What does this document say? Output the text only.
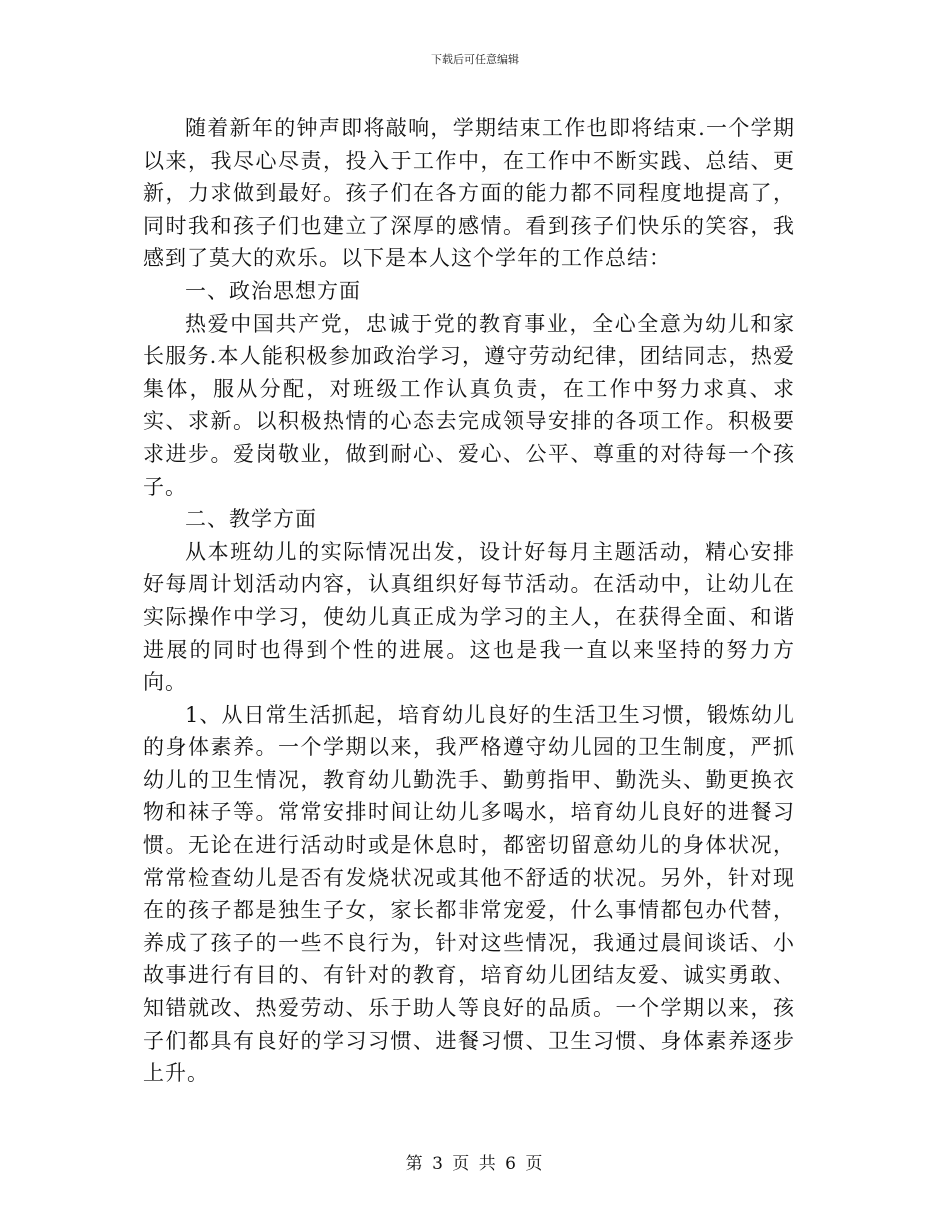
下载后可任意编辑

随着新年的钟声即将敲响，学期结束工作也即将结束.一个学期以来，我尽心尽责，投入于工作中，在工作中不断实践、总结、更新，力求做到最好。孩子们在各方面的能力都不同程度地提高了，同时我和孩子们也建立了深厚的感情。看到孩子们快乐的笑容，我感到了莫大的欢乐。以下是本人这个学年的工作总结：

一、政治思想方面

热爱中国共产党，忠诚于党的教育事业，全心全意为幼儿和家长服务.本人能积极参加政治学习，遵守劳动纪律，团结同志，热爱集体，服从分配，对班级工作认真负责，在工作中努力求真、求实、求新。以积极热情的心态去完成领导安排的各项工作。积极要求进步。爱岗敬业，做到耐心、爱心、公平、尊重的对待每一个孩子。

二、教学方面

从本班幼儿的实际情况出发，设计好每月主题活动，精心安排好每周计划活动内容，认真组织好每节活动。在活动中，让幼儿在实际操作中学习，使幼儿真正成为学习的主人，在获得全面、和谐进展的同时也得到个性的进展。这也是我一直以来坚持的努力方向。

1、从日常生活抓起，培育幼儿良好的生活卫生习惯，锻炼幼儿的身体素养。一个学期以来，我严格遵守幼儿园的卫生制度，严抓幼儿的卫生情况，教育幼儿勤洗手、勤剪指甲、勤洗头、勤更换衣物和袜子等。常常安排时间让幼儿多喝水，培育幼儿良好的进餐习惯。无论在进行活动时或是休息时，都密切留意幼儿的身体状况，常常检查幼儿是否有发烧状况或其他不舒适的状况。另外，针对现在的孩子都是独生子女，家长都非常宠爱，什么事情都包办代替，养成了孩子的一些不良行为，针对这些情况，我通过晨间谈话、小故事进行有目的、有针对的教育，培育幼儿团结友爱、诚实勇敢、知错就改、热爱劳动、乐于助人等良好的品质。一个学期以来，孩子们都具有良好的学习习惯、进餐习惯、卫生习惯、身体素养逐步上升。

第 3 页 共 6 页
